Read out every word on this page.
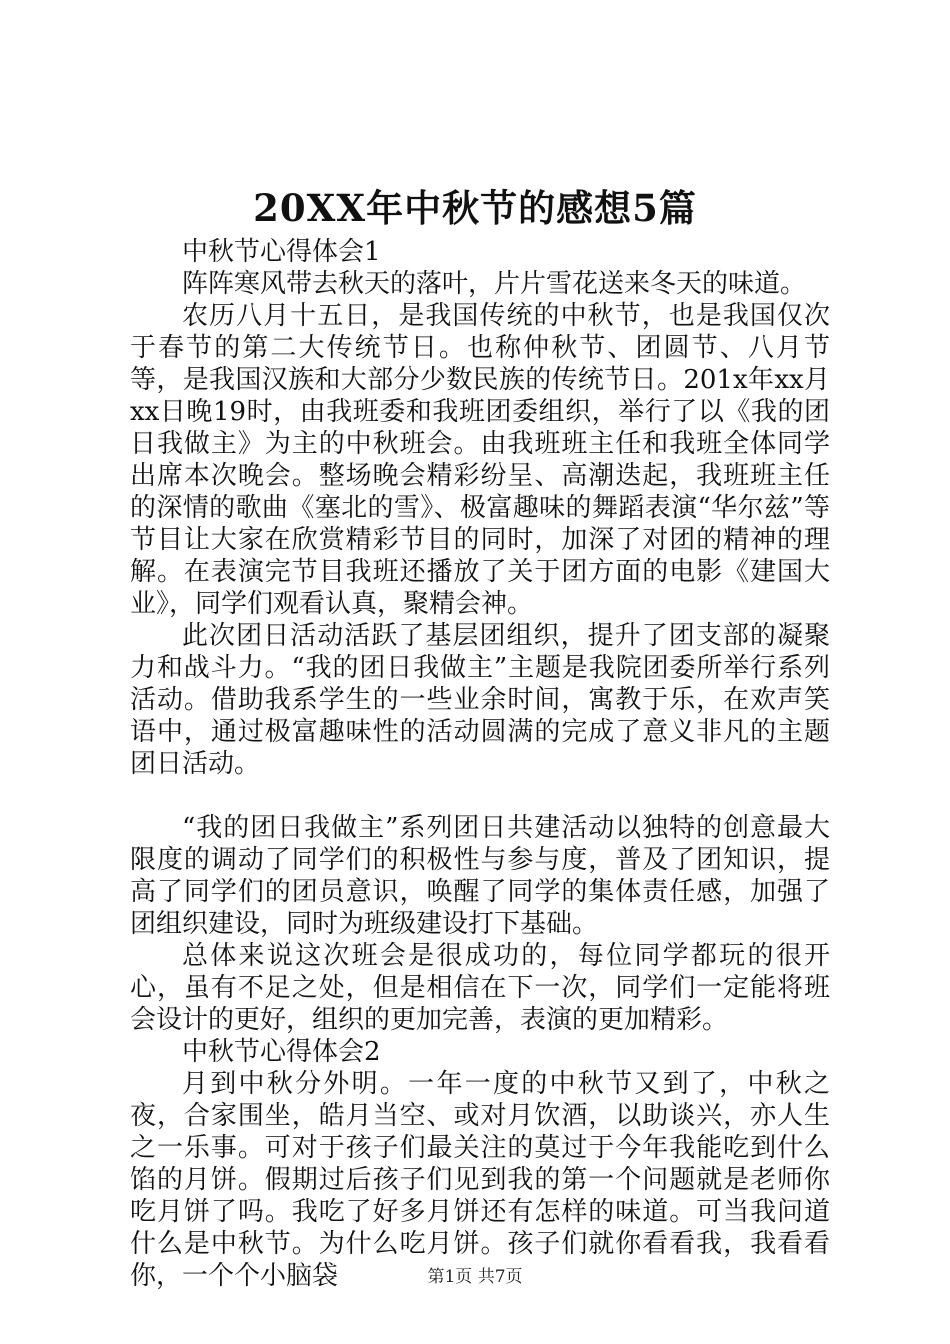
20XX年中秋节的感想5篇

中秋节心得体会1

阵阵寒风带去秋天的落叶，片片雪花送来冬天的味道。

农历八月十五日，是我国传统的中秋节，也是我国仅次于春节的第二大传统节日。也称仲秋节、团圆节、八月节等，是我国汉族和大部分少数民族的传统节日。201x年xx月xx日晚19时，由我班委和我班团委组织，举行了以《我的团日我做主》为主的中秋班会。由我班班主任和我班全体同学出席本次晚会。整场晚会精彩纷呈、高潮迭起，我班班主任的深情的歌曲《塞北的雪》、极富趣味的舞蹈表演“华尔兹”等节目让大家在欣赏精彩节目的同时，加深了对团的精神的理解。在表演完节目我班还播放了关于团方面的电影《建国大业》，同学们观看认真，聚精会神。

此次团日活动活跃了基层团组织，提升了团支部的凝聚力和战斗力。“我的团日我做主”主题是我院团委所举行系列活动。借助我系学生的一些业余时间，寓教于乐，在欢声笑语中，通过极富趣味性的活动圆满的完成了意义非凡的主题团日活动。

“我的团日我做主”系列团日共建活动以独特的创意最大限度的调动了同学们的积极性与参与度，普及了团知识，提高了同学们的团员意识，唤醒了同学的集体责任感，加强了团组织建设，同时为班级建设打下基础。

总体来说这次班会是很成功的，每位同学都玩的很开心，虽有不足之处，但是相信在下一次，同学们一定能将班会设计的更好，组织的更加完善，表演的更加精彩。

中秋节心得体会2

月到中秋分外明。一年一度的中秋节又到了，中秋之夜，合家围坐，皓月当空、或对月饮酒，以助谈兴，亦人生之一乐事。可对于孩子们最关注的莫过于今年我能吃到什么馅的月饼。假期过后孩子们见到我的第一个问题就是老师你吃月饼了吗。我吃了好多月饼还有怎样的味道。可当我问道什么是中秋节。为什么吃月饼。孩子们就你看看我，我看看你，一个个小脑袋	第1页 共7页
